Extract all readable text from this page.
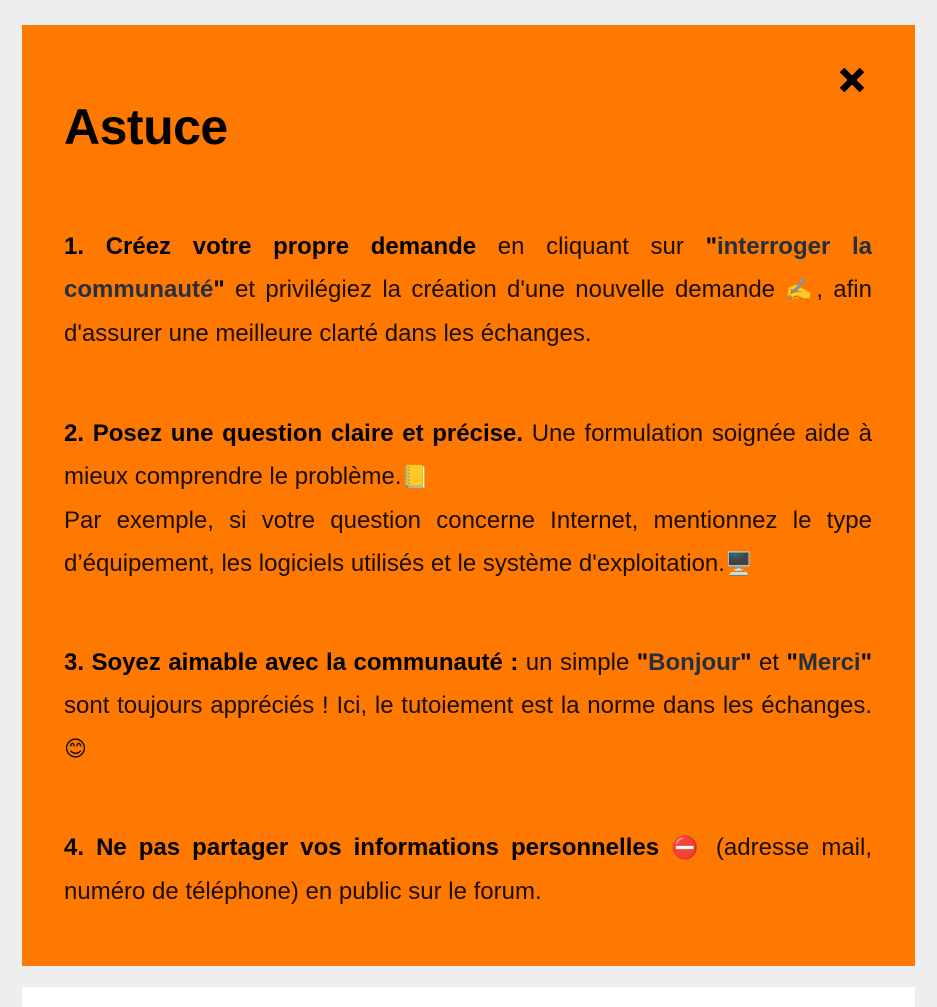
Astuce

1. Créez votre propre demande en cliquant sur "interroger la communauté" et privilégiez la création d'une nouvelle demande ✍️, afin d'assurer une meilleure clarté dans les échanges.

2. Posez une question claire et précise. Une formulation soignée aide à mieux comprendre le problème.📒
Par exemple, si votre question concerne Internet, mentionnez le type d’équipement, les logiciels utilisés et le système d'exploitation.🖥️

3. Soyez aimable avec la communauté : un simple "Bonjour" et "Merci" sont toujours appréciés ! Ici, le tutoiement est la norme dans les échanges.😊

4. Ne pas partager vos informations personnelles ⛔ (adresse mail, numéro de téléphone) en public sur le forum.
